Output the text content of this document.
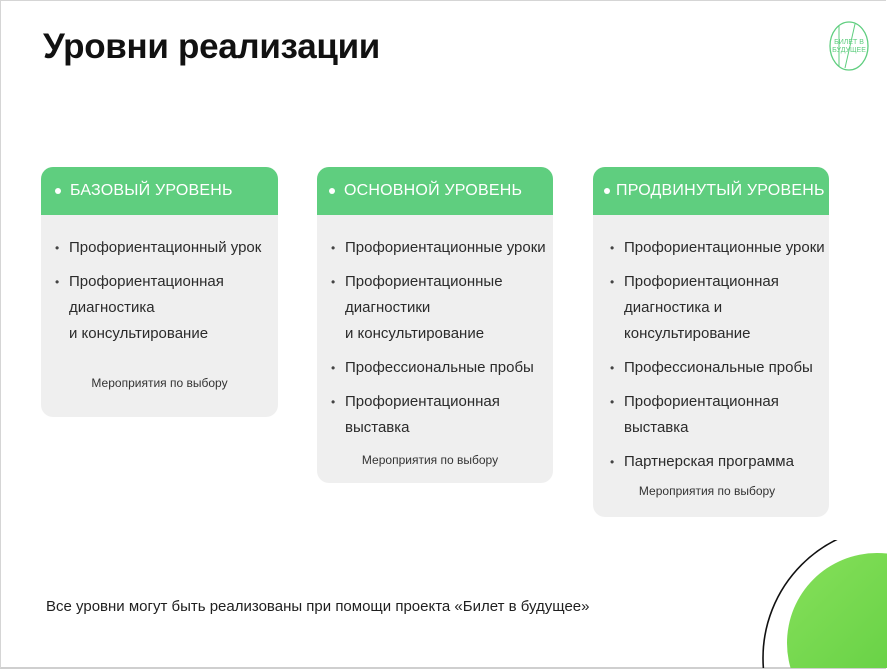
Уровни реализации	БИЛЕТ В
БУДУЩЕЕ
БАЗОВЫЙ УРОВЕНЬ
• Профориентационный урок
• Профориентационная
диагностика
и консультирование
Мероприятия по выбору
ОСНОВНОЙ УРОВЕНЬ
• Профориентационные уроки
• Профориентационные
диагностики
и консультирование
• Профессиональные пробы
• Профориентационная
выставка
Мероприятия по выбору
ПРОДВИНУТЫЙ УРОВЕНЬ
• Профориентационные уроки
• Профориентационная
диагностика и
консультирование
• Профессиональные пробы
• Профориентационная
выставка
• Партнерская программа
Мероприятия по выбору
Все уровни могут быть реализованы при помощи проекта «Билет в будущее»
